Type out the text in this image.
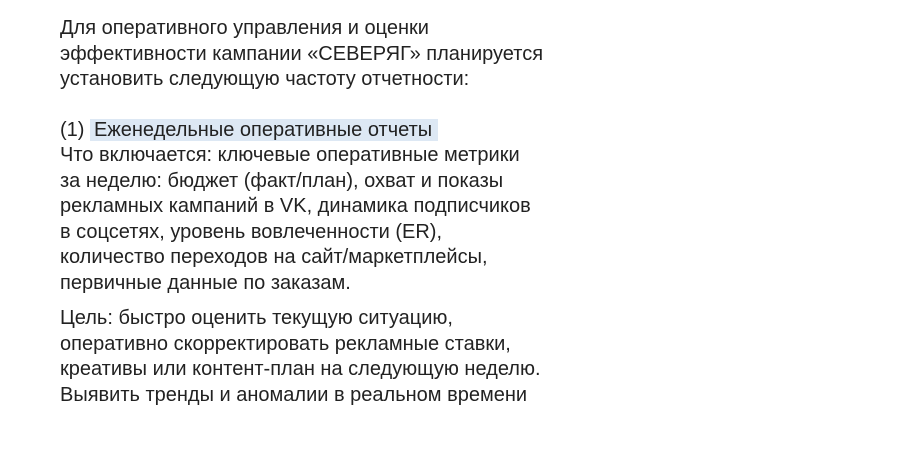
Для оперативного управления и оценки
эффективности кампании «СЕВЕРЯГ» планируется
установить следующую частоту отчетности:

(1) Еженедельные оперативные отчеты
Что включается: ключевые оперативные метрики
за неделю: бюджет (факт/план), охват и показы
рекламных кампаний в VK, динамика подписчиков
в соцсетях, уровень вовлеченности (ER),
количество переходов на сайт/маркетплейсы,
первичные данные по заказам.

Цель: быстро оценить текущую ситуацию,
оперативно скорректировать рекламные ставки,
креативы или контент-план на следующую неделю.
Выявить тренды и аномалии в реальном времени
